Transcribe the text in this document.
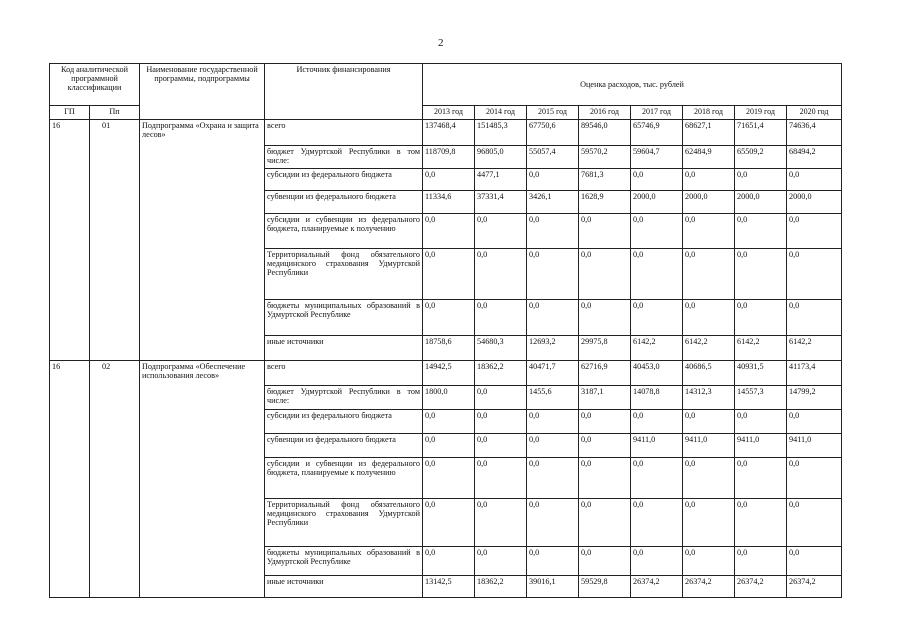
2
Код аналитической программной классификации		Наименование государственной программы, подпрограммы	Источник финансирования	Оценка расходов, тыс. рублей							
ГП	Пп			2013 год	2014 год	2015 год	2016 год	2017 год	2018 год	2019 год	2020 год

16	01	Подпрограмма «Охрана и защита лесов»	всего	137468,4	151485,3	67750,6	89546,0	65746,9	68627,1	71651,4	74636,4
			бюджет Удмуртской Республики в том числе:	118709,8	96805,0	55057,4	59570,2	59604,7	62484,9	65509,2	68494,2
			субсидии из федерального бюджета	0,0	4477,1	0,0	7681,3	0,0	0,0	0,0	0,0
			субвенции из федерального бюджета	11334,6	37331,4	3426,1	1628,9	2000,0	2000,0	2000,0	2000,0
			субсидии и субвенции из федерального бюджета, планируемые к получению	0,0	0,0	0,0	0,0	0,0	0,0	0,0	0,0
			Территориальный фонд обязательного медицинского страхования Удмуртской Республики	0,0	0,0	0,0	0,0	0,0	0,0	0,0	0,0
			бюджеты муниципальных образований в Удмуртской Республике	0,0	0,0	0,0	0,0	0,0	0,0	0,0	0,0
			иные источники	18758,6	54680,3	12693,2	29975,8	6142,2	6142,2	6142,2	6142,2
16	02	Подпрограмма «Обеспечение использования лесов»	всего	14942,5	18362,2	40471,7	62716,9	40453,0	40686,5	40931,5	41173,4
			бюджет Удмуртской Республики в том числе:	1800,0	0,0	1455,6	3187,1	14078,8	14312,3	14557,3	14799,2
			субсидии из федерального бюджета	0,0	0,0	0,0	0,0	0,0	0,0	0,0	0,0
			субвенции из федерального бюджета	0,0	0,0	0,0	0,0	9411,0	9411,0	9411,0	9411,0
			субсидии и субвенции из федерального бюджета, планируемые к получению	0,0	0,0	0,0	0,0	0,0	0,0	0,0	0,0
			Территориальный фонд обязательного медицинского страхования Удмуртской Республики	0,0	0,0	0,0	0,0	0,0	0,0	0,0	0,0
			бюджеты муниципальных образований в Удмуртской Республике	0,0	0,0	0,0	0,0	0,0	0,0	0,0	0,0
			иные источники	13142,5	18362,2	39016,1	59529,8	26374,2	26374,2	26374,2	26374,2
